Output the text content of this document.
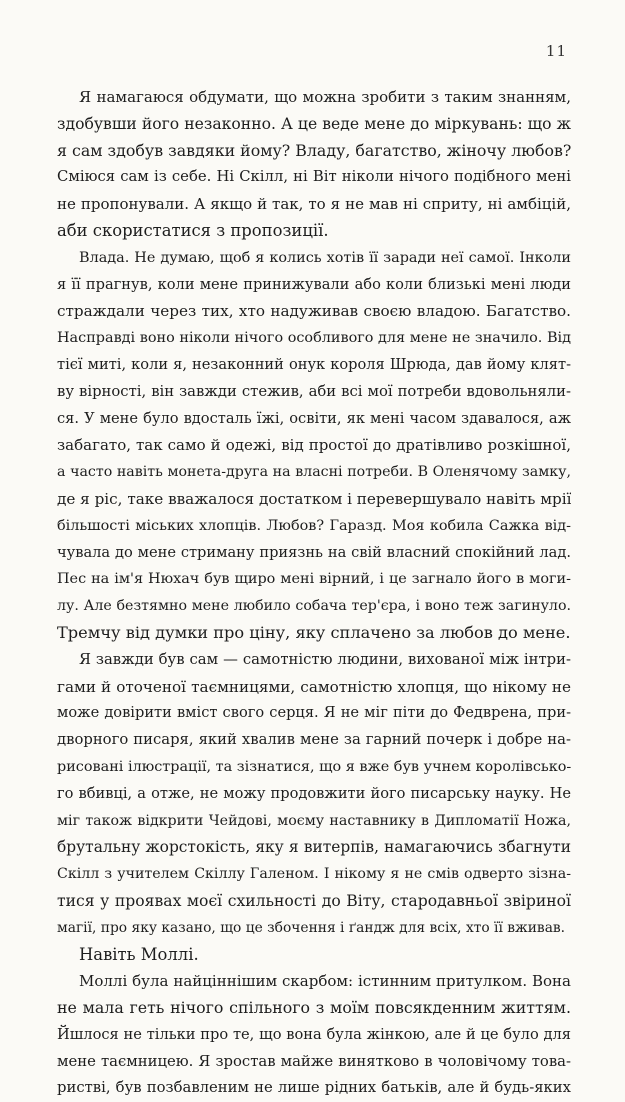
11
Я намагаюся обдумати, що можна зробити з таким знанням,
здобувши його незаконно. А це веде мене до міркувань: що ж
я сам здобув завдяки йому? Владу, багатство, жіночу любов?
Сміюся сам із себе. Ні Скілл, ні Віт ніколи нічого подібного мені
не пропонували. А якщо й так, то я не мав ні сприту, ні амбіцій,
аби скористатися з пропозиції.
Влада. Не думаю, щоб я колись хотів її заради неї самої. Інколи
я її прагнув, коли мене принижували або коли близькі мені люди
страждали через тих, хто надуживав своєю владою. Багатство.
Насправді воно ніколи нічого особливого для мене не значило. Від
тієї миті, коли я, незаконний онук короля Шрюда, дав йому клят-
ву вірності, він завжди стежив, аби всі мої потреби вдовольняли-
ся. У мене було вдосталь їжі, освіти, як мені часом здавалося, аж
забагато, так само й одежі, від простої до дратівливо розкішної,
а часто навіть монета-друга на власні потреби. В Оленячому замку,
де я ріс, таке вважалося достатком і перевершувало навіть мрії
більшості міських хлопців. Любов? Гаразд. Моя кобила Сажка від-
чувала до мене стриману приязнь на свій власний спокійний лад.
Пес на ім'я Нюхач був щиро мені вірний, і це загнало його в моги-
лу. Але безтямно мене любило собача тер'єра, і воно теж загинуло.
Тремчу від думки про ціну, яку сплачено за любов до мене.
Я завжди був сам — самотністю людини, вихованої між інтри-
гами й оточеної таємницями, самотністю хлопця, що нікому не
може довірити вміст свого серця. Я не міг піти до Федврена, при-
дворного писаря, який хвалив мене за гарний почерк і добре на-
рисовані ілюстрації, та зізнатися, що я вже був учнем королівсько-
го вбивці, а отже, не можу продовжити його писарську науку. Не
міг також відкрити Чейдові, моєму наставнику в Дипломатії Ножа,
брутальну жорстокість, яку я витерпів, намагаючись збагнути
Скілл з учителем Скіллу Галеном. І нікому я не смів одверто зізна-
тися у проявах моєї схильності до Віту, стародавньої звіриної
магії, про яку казано, що це збочення і ґандж для всіх, хто її вживав.
Навіть Моллі.
Моллі була найціннішим скарбом: істинним притулком. Вона
не мала геть нічого спільного з моїм повсякденним життям.
Йшлося не тільки про те, що вона була жінкою, але й це було для
мене таємницею. Я зростав майже винятково в чоловічому това-
ристві, був позбавленим не лише рідних батьків, але й будь-яких
